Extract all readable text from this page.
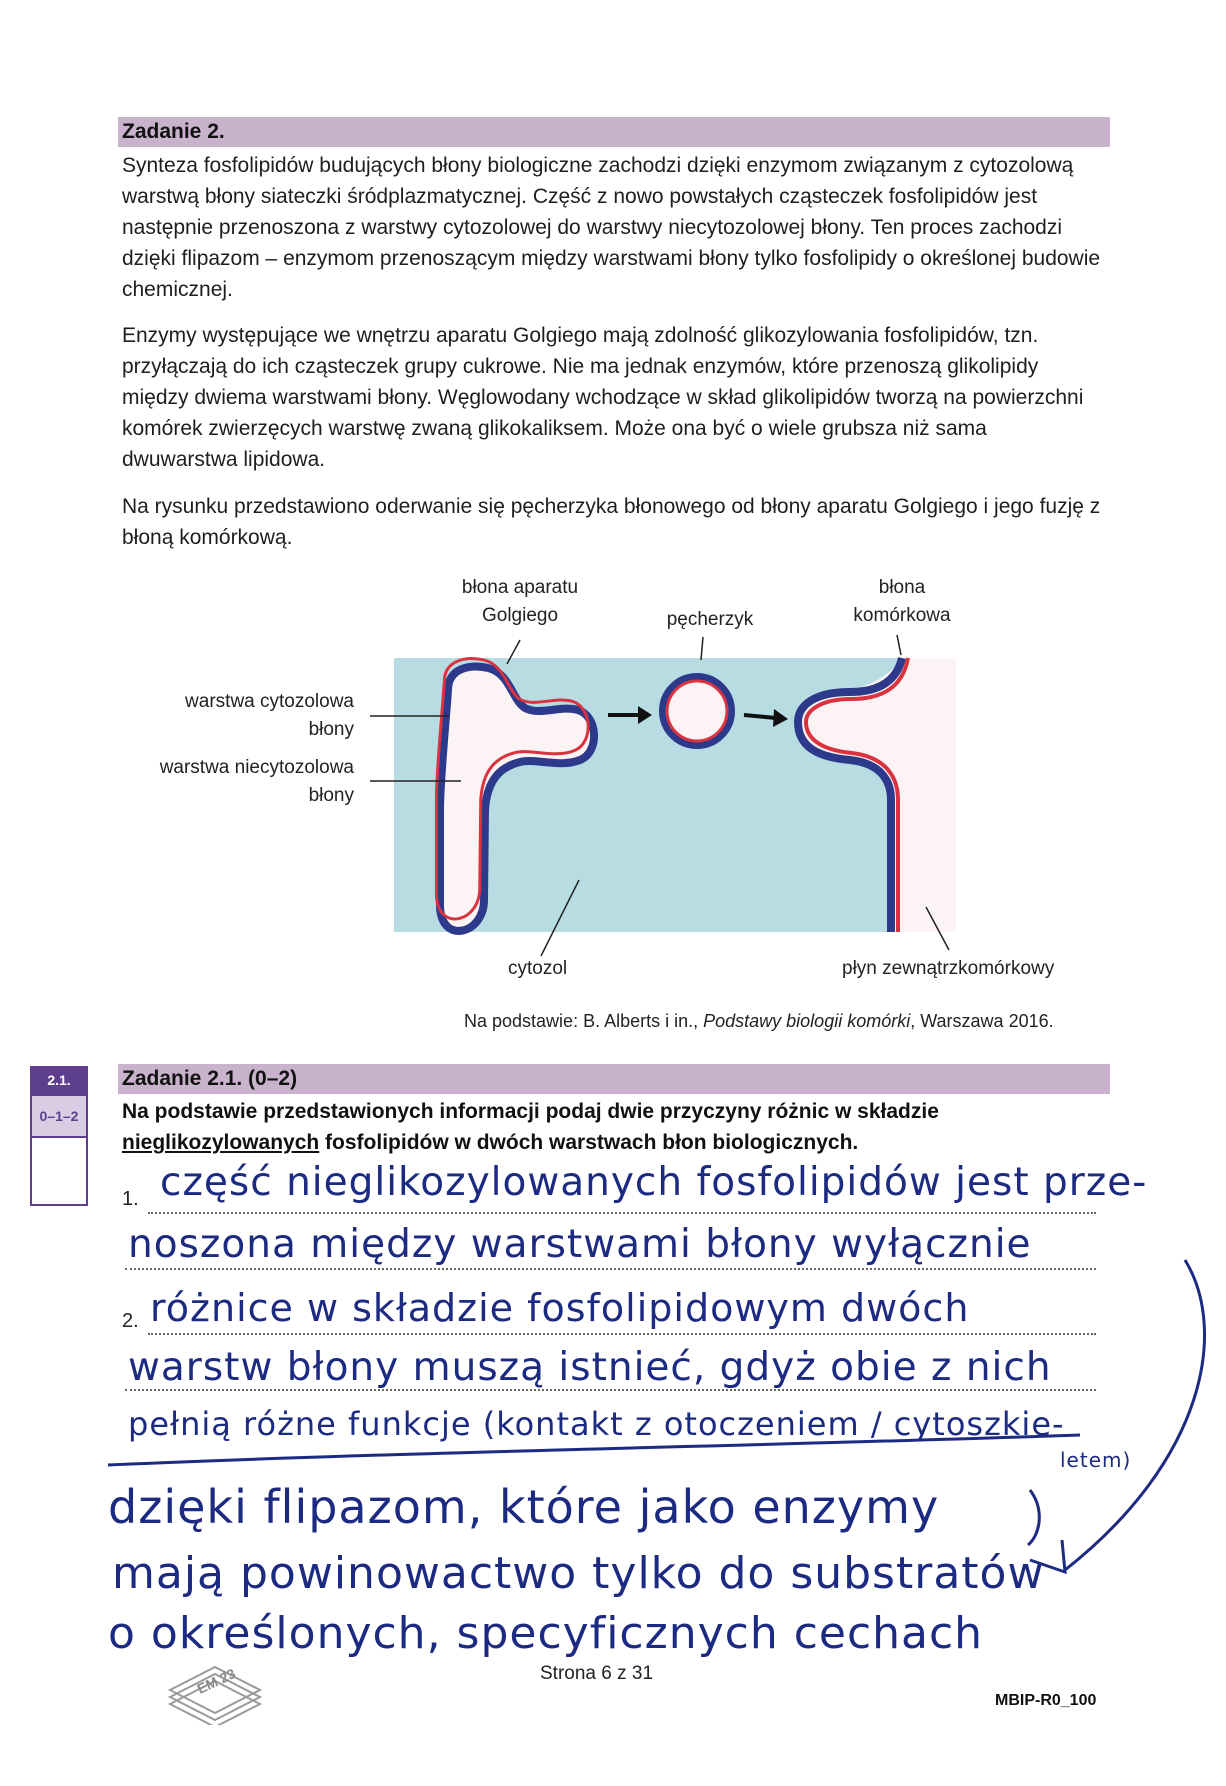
Zadanie 2.

Synteza fosfolipidów budujących błony biologiczne zachodzi dzięki enzymom związanym z cytozolową warstwą błony siateczki śródplazmatycznej. Część z nowo powstałych cząsteczek fosfolipidów jest następnie przenoszona z warstwy cytozolowej do warstwy niecytozolowej błony. Ten proces zachodzi dzięki flipazom – enzymom przenoszącym między warstwami błony tylko fosfolipidy o określonej budowie chemicznej.

Enzymy występujące we wnętrzu aparatu Golgiego mają zdolność glikozylowania fosfolipidów, tzn. przyłączają do ich cząsteczek grupy cukrowe. Nie ma jednak enzymów, które przenoszą glikolipidy między dwiema warstwami błony. Węglowodany wchodzące w skład glikolipidów tworzą na powierzchni komórek zwierzęcych warstwę zwaną glikokaliksem. Może ona być o wiele grubsza niż sama dwuwarstwa lipidowa.

Na rysunku przedstawiono oderwanie się pęcherzyka błonowego od błony aparatu Golgiego i jego fuzję z błoną komórkową.

błona aparatu
Golgiego	pęcherzyk
błona
komórkowa
warstwa cytozolowa
błony
warstwa niecytozolowa
błony
cytozol	płyn zewnątrzkomórkowy
Na podstawie: B. Alberts i in., Podstawy biologii komórki, Warszawa 2016.
2.1.
0–1–2
Zadanie 2.1. (0–2)

Na podstawie przedstawionych informacji podaj dwie przyczyny różnic w składzie

nieglikozylowanych fosfolipidów w dwóch warstwach błon biologicznych.

1.
2.
część nieglikozylowanych fosfolipidów jest prze-
noszona między warstwami błony wyłącznie
różnice w składzie fosfolipidowym dwóch
warstw błony muszą istnieć, gdyż obie z nich
pełnią różne funkcje (kontakt z otoczeniem / cytoszkie-
letem)
dzięki flipazom, które jako enzymy
mają powinowactwo tylko do substratów
o określonych, specyficznych cechach
EM 23	Strona 6 z 31
MBIP-R0_100
